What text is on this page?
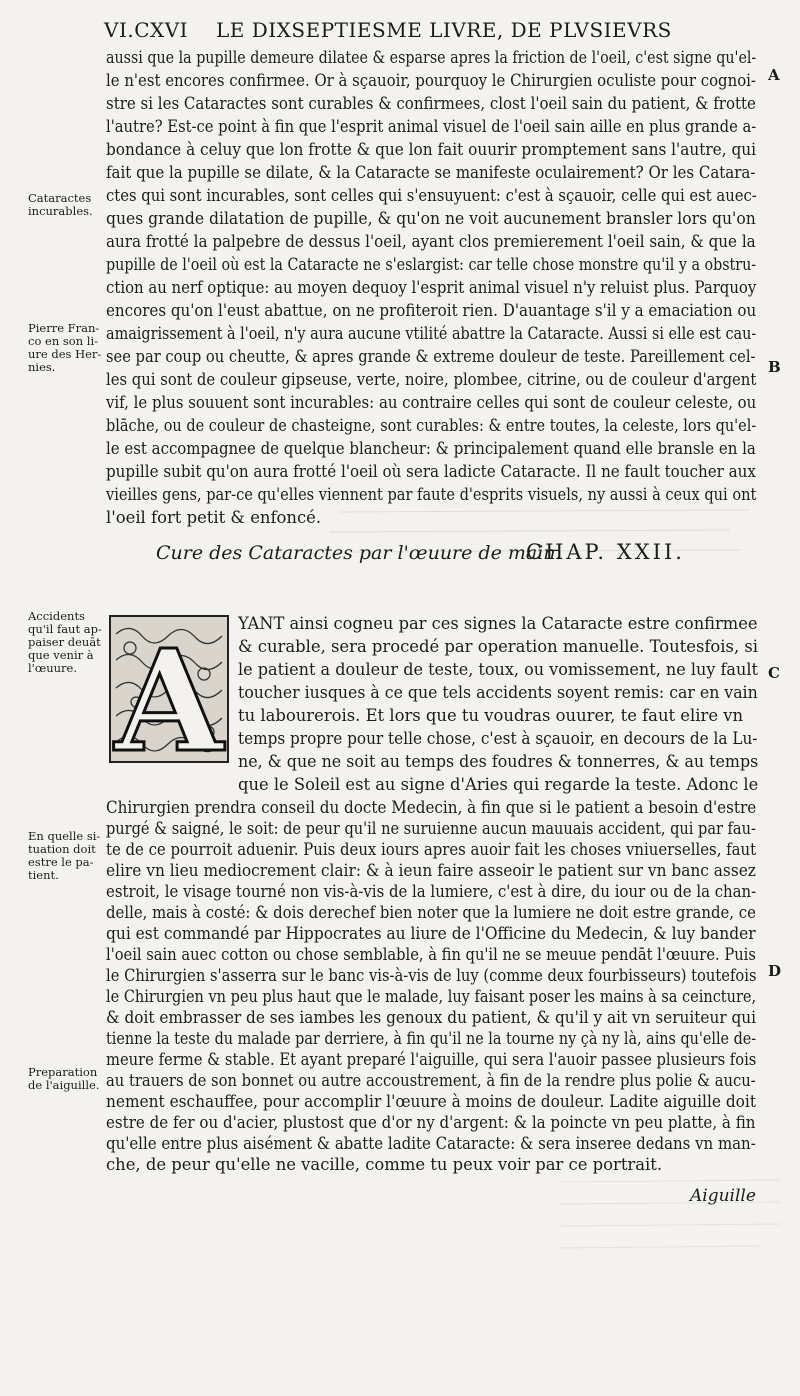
VI.CXVI LE DIXSEPTIESME LIVRE, DE PLVSIEVRS
A
B
C
D
Cataractes
incurables.
Pierre Fran-
co en son li-
ure des Her-
nies.
Accidents
qu'il faut ap-
paiser deuāt
que venir à
l'œuure.
En quelle si-
tuation doit
estre le pa-
tient.
Preparation
de l'aiguille.
aussi que la pupille demeure dilatee & esparse apres la friction de l'oeil, c'est signe qu'el-
le n'est encores confirmee. Or à sçauoir, pourquoy le Chirurgien oculiste pour cognoi-
stre si les Cataractes sont curables & confirmees, clost l'oeil sain du patient, & frotte
l'autre? Est-ce point à fin que l'esprit animal visuel de l'oeil sain aille en plus grande a-
bondance à celuy que lon frotte & que lon fait ouurir promptement sans l'autre, qui
fait que la pupille se dilate, & la Cataracte se manifeste oculairement? Or les Catara-
ctes qui sont incurables, sont celles qui s'ensuyuent: c'est à sçauoir, celle qui est auec-
ques grande dilatation de pupille, & qu'on ne voit aucunement bransler lors qu'on
aura frotté la palpebre de dessus l'oeil, ayant clos premierement l'oeil sain, & que la
pupille de l'oeil où est la Cataracte ne s'eslargist: car telle chose monstre qu'il y a obstru-
ction au nerf optique: au moyen dequoy l'esprit animal visuel n'y reluist plus. Parquoy
encores qu'on l'eust abattue, on ne profiteroit rien. D'auantage s'il y a emaciation ou
amaigrissement à l'oeil, n'y aura aucune vtilité abattre la Cataracte. Aussi si elle est cau-
see par coup ou cheutte, & apres grande & extreme douleur de teste. Pareillement cel-
les qui sont de couleur gipseuse, verte, noire, plombee, citrine, ou de couleur d'argent
vif, le plus souuent sont incurables: au contraire celles qui sont de couleur celeste, ou
blāche, ou de couleur de chasteigne, sont curables: & entre toutes, la celeste, lors qu'el-
le est accompagnee de quelque blancheur: & principalement quand elle bransle en la
pupille subit qu'on aura frotté l'oeil où sera ladicte Cataracte. Il ne fault toucher aux
vieilles gens, par-ce qu'elles viennent par faute d'esprits visuels, ny aussi à ceux qui ont
l'oeil fort petit & enfoncé.
Cure des Cataractes par l'œuure de main.
CHAP. XXII.
A YANT ainsi cogneu par ces signes la Cataracte estre confirmee
& curable, sera procedé par operation manuelle. Toutesfois, si
le patient a douleur de teste, toux, ou vomissement, ne luy fault
toucher iusques à ce que tels accidents soyent remis: car en vain
tu labourerois. Et lors que tu voudras ouurer, te faut elire vn
temps propre pour telle chose, c'est à sçauoir, en decours de la Lu-
ne, & que ne soit au temps des foudres & tonnerres, & au temps
que le Soleil est au signe d'Aries qui regarde la teste. Adonc le
Chirurgien prendra conseil du docte Medecin, à fin que si le patient a besoin d'estre
purgé & saigné, le soit: de peur qu'il ne suruienne aucun mauuais accident, qui par fau-
te de ce pourroit aduenir. Puis deux iours apres auoir fait les choses vniuerselles, faut
elire vn lieu mediocrement clair: & à ieun faire asseoir le patient sur vn banc assez
estroit, le visage tourné non vis-à-vis de la lumiere, c'est à dire, du iour ou de la chan-
delle, mais à costé: & dois derechef bien noter que la lumiere ne doit estre grande, ce
qui est commandé par Hippocrates au liure de l'Officine du Medecin, & luy bander
l'oeil sain auec cotton ou chose semblable, à fin qu'il ne se meuue pendāt l'œuure. Puis
le Chirurgien s'asserra sur le banc vis-à-vis de luy (comme deux fourbisseurs) toutefois
le Chirurgien vn peu plus haut que le malade, luy faisant poser les mains à sa ceincture,
& doit embrasser de ses iambes les genoux du patient, & qu'il y ait vn seruiteur qui
tienne la teste du malade par derriere, à fin qu'il ne la tourne ny çà ny là, ains qu'elle de-
meure ferme & stable. Et ayant preparé l'aiguille, qui sera l'auoir passee plusieurs fois
au trauers de son bonnet ou autre accoustrement, à fin de la rendre plus polie & aucu-
nement eschauffee, pour accomplir l'œuure à moins de douleur. Ladite aiguille doit
estre de fer ou d'acier, plustost que d'or ny d'argent: & la poincte vn peu platte, à fin
qu'elle entre plus aisément & abatte ladite Cataracte: & sera inseree dedans vn man-
che, de peur qu'elle ne vacille, comme tu peux voir par ce portrait.
Aiguille
